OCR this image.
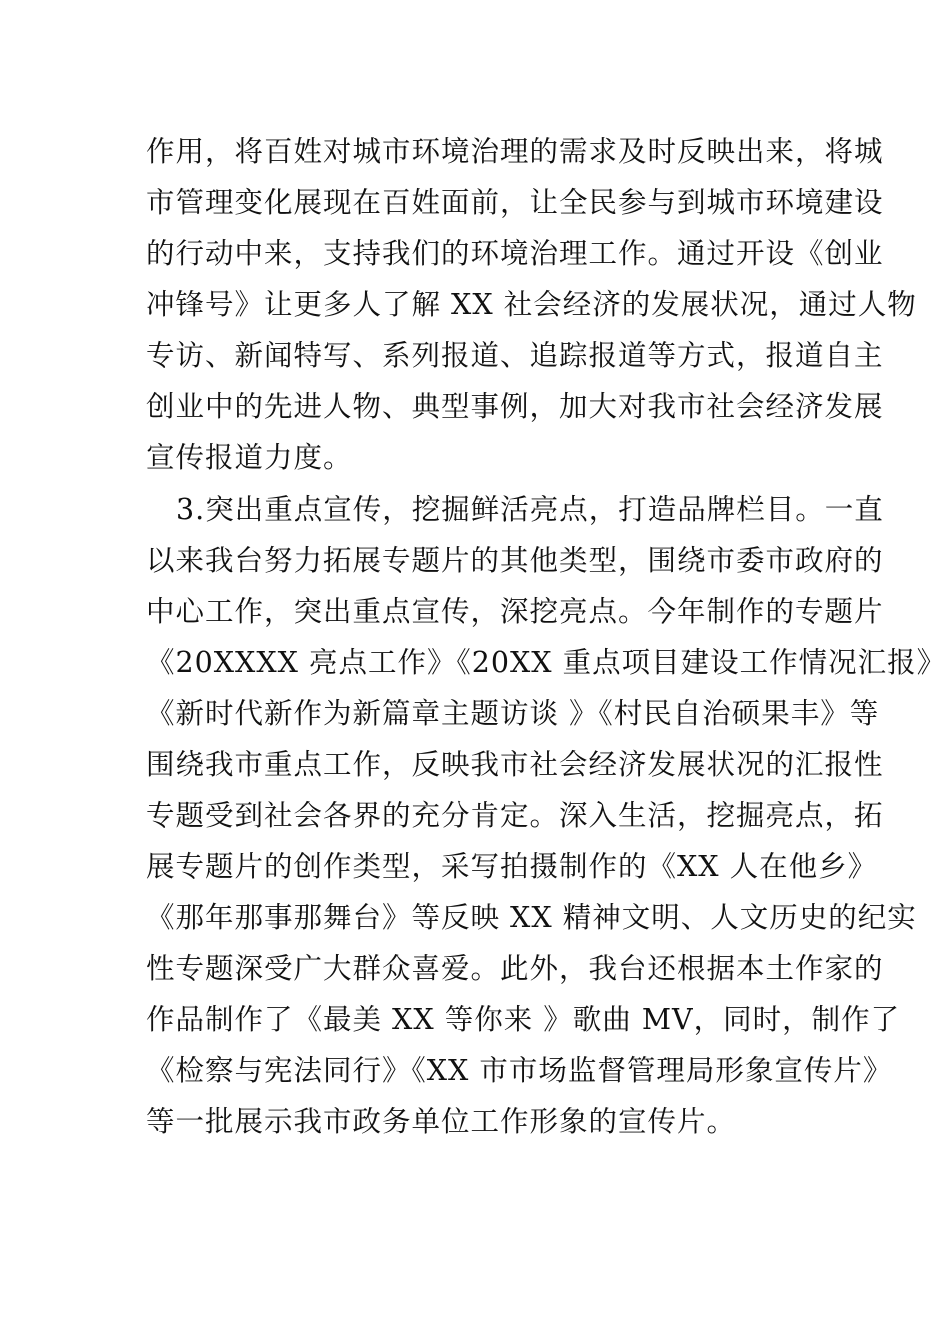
作用，将百姓对城市环境治理的需求及时反映出来，将城
市管理变化展现在百姓面前，让全民参与到城市环境建设
的行动中来，支持我们的环境治理工作。通过开设《创业
冲锋号》让更多人了解 XX 社会经济的发展状况，通过人物
专访、新闻特写、系列报道、追踪报道等方式，报道自主
创业中的先进人物、典型事例，加大对我市社会经济发展
宣传报道力度。
3.突出重点宣传，挖掘鲜活亮点，打造品牌栏目。一直
以来我台努力拓展专题片的其他类型，围绕市委市政府的
中心工作，突出重点宣传，深挖亮点。今年制作的专题片
《20XXXX 亮点工作》《20XX 重点项目建设工作情况汇报》
《新时代新作为新篇章主题访谈 》《村民自治硕果丰》等
围绕我市重点工作，反映我市社会经济发展状况的汇报性
专题受到社会各界的充分肯定。深入生活，挖掘亮点，拓
展专题片的创作类型，采写拍摄制作的《XX 人在他乡》
《那年那事那舞台》等反映 XX 精神文明、人文历史的纪实
性专题深受广大群众喜爱。此外，我台还根据本土作家的
作品制作了《最美 XX 等你来 》歌曲 MV，同时，制作了
《检察与宪法同行》《XX 市市场监督管理局形象宣传片》
等一批展示我市政务单位工作形象的宣传片。
